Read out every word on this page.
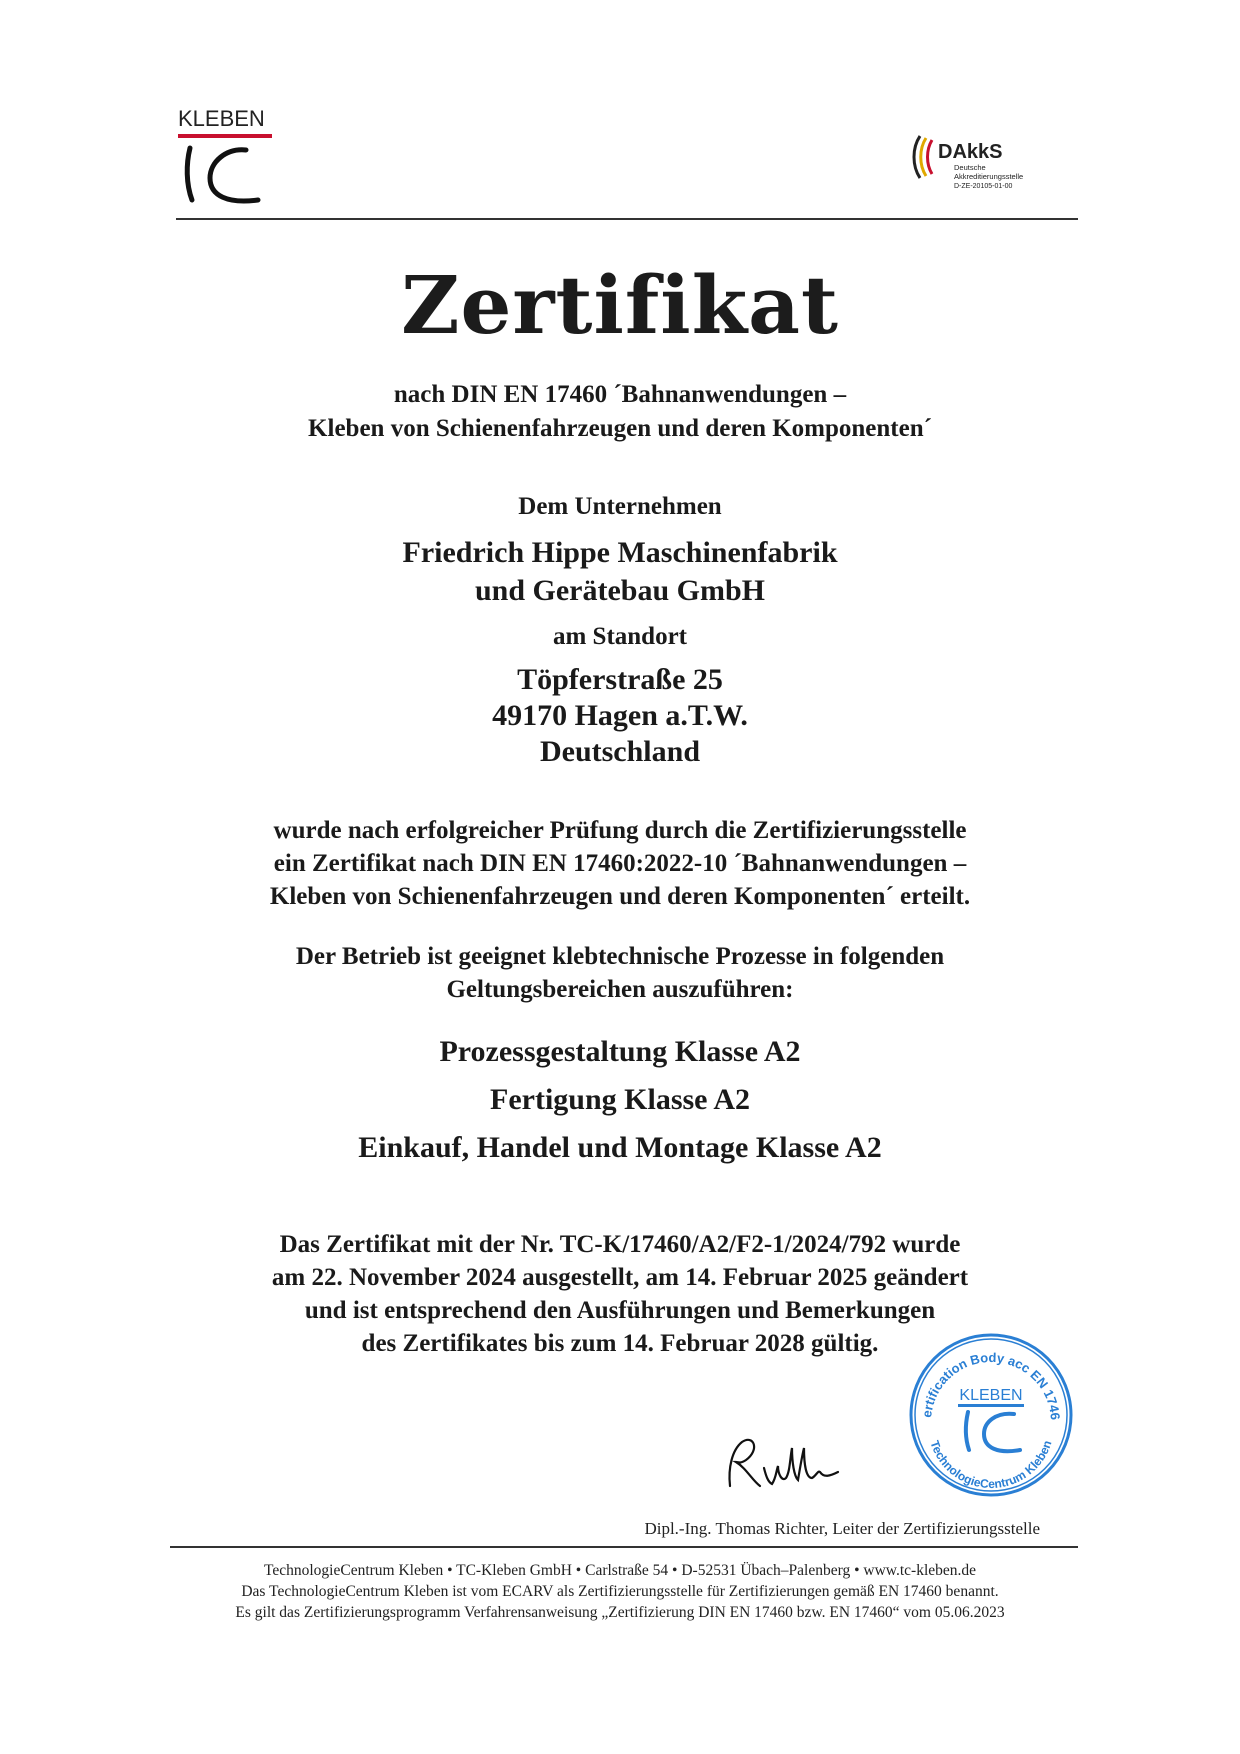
KLEBEN
DAkkS
Deutsche
Akkreditierungsstelle
D-ZE-20105-01-00
Zertifikat
nach DIN EN 17460 ´Bahnanwendungen –
Kleben von Schienenfahrzeugen und deren Komponenten´
Dem Unternehmen
Friedrich Hippe Maschinenfabrik
und Gerätebau GmbH
am Standort
Töpferstraße 25
49170 Hagen a.T.W.
Deutschland
wurde nach erfolgreicher Prüfung durch die Zertifizierungsstelle
ein Zertifikat nach DIN EN 17460:2022-10 ´Bahnanwendungen –
Kleben von Schienenfahrzeugen und deren Komponenten´ erteilt.
Der Betrieb ist geeignet klebtechnische Prozesse in folgenden
Geltungsbereichen auszuführen:
Prozessgestaltung Klasse A2
Fertigung Klasse A2
Einkauf, Handel und Montage Klasse A2
Das Zertifikat mit der Nr. TC-K/17460/A2/F2-1/2024/792 wurde
am 22. November 2024 ausgestellt, am 14. Februar 2025 geändert
und ist entsprechend den Ausführungen und Bemerkungen
des Zertifikates bis zum 14. Februar 2028 gültig.
ertification Body acc EN 1746
TechnologieCentrum Kleben
KLEBEN
Dipl.-Ing. Thomas Richter, Leiter der Zertifizierungsstelle
TechnologieCentrum Kleben • TC-Kleben GmbH • Carlstraße 54 • D-52531 Übach–Palenberg • www.tc-kleben.de
Das TechnologieCentrum Kleben ist vom ECARV als Zertifizierungsstelle für Zertifizierungen gemäß EN 17460 benannt.
Es gilt das Zertifizierungsprogramm Verfahrensanweisung „Zertifizierung DIN EN 17460 bzw. EN 17460“ vom 05.06.2023
